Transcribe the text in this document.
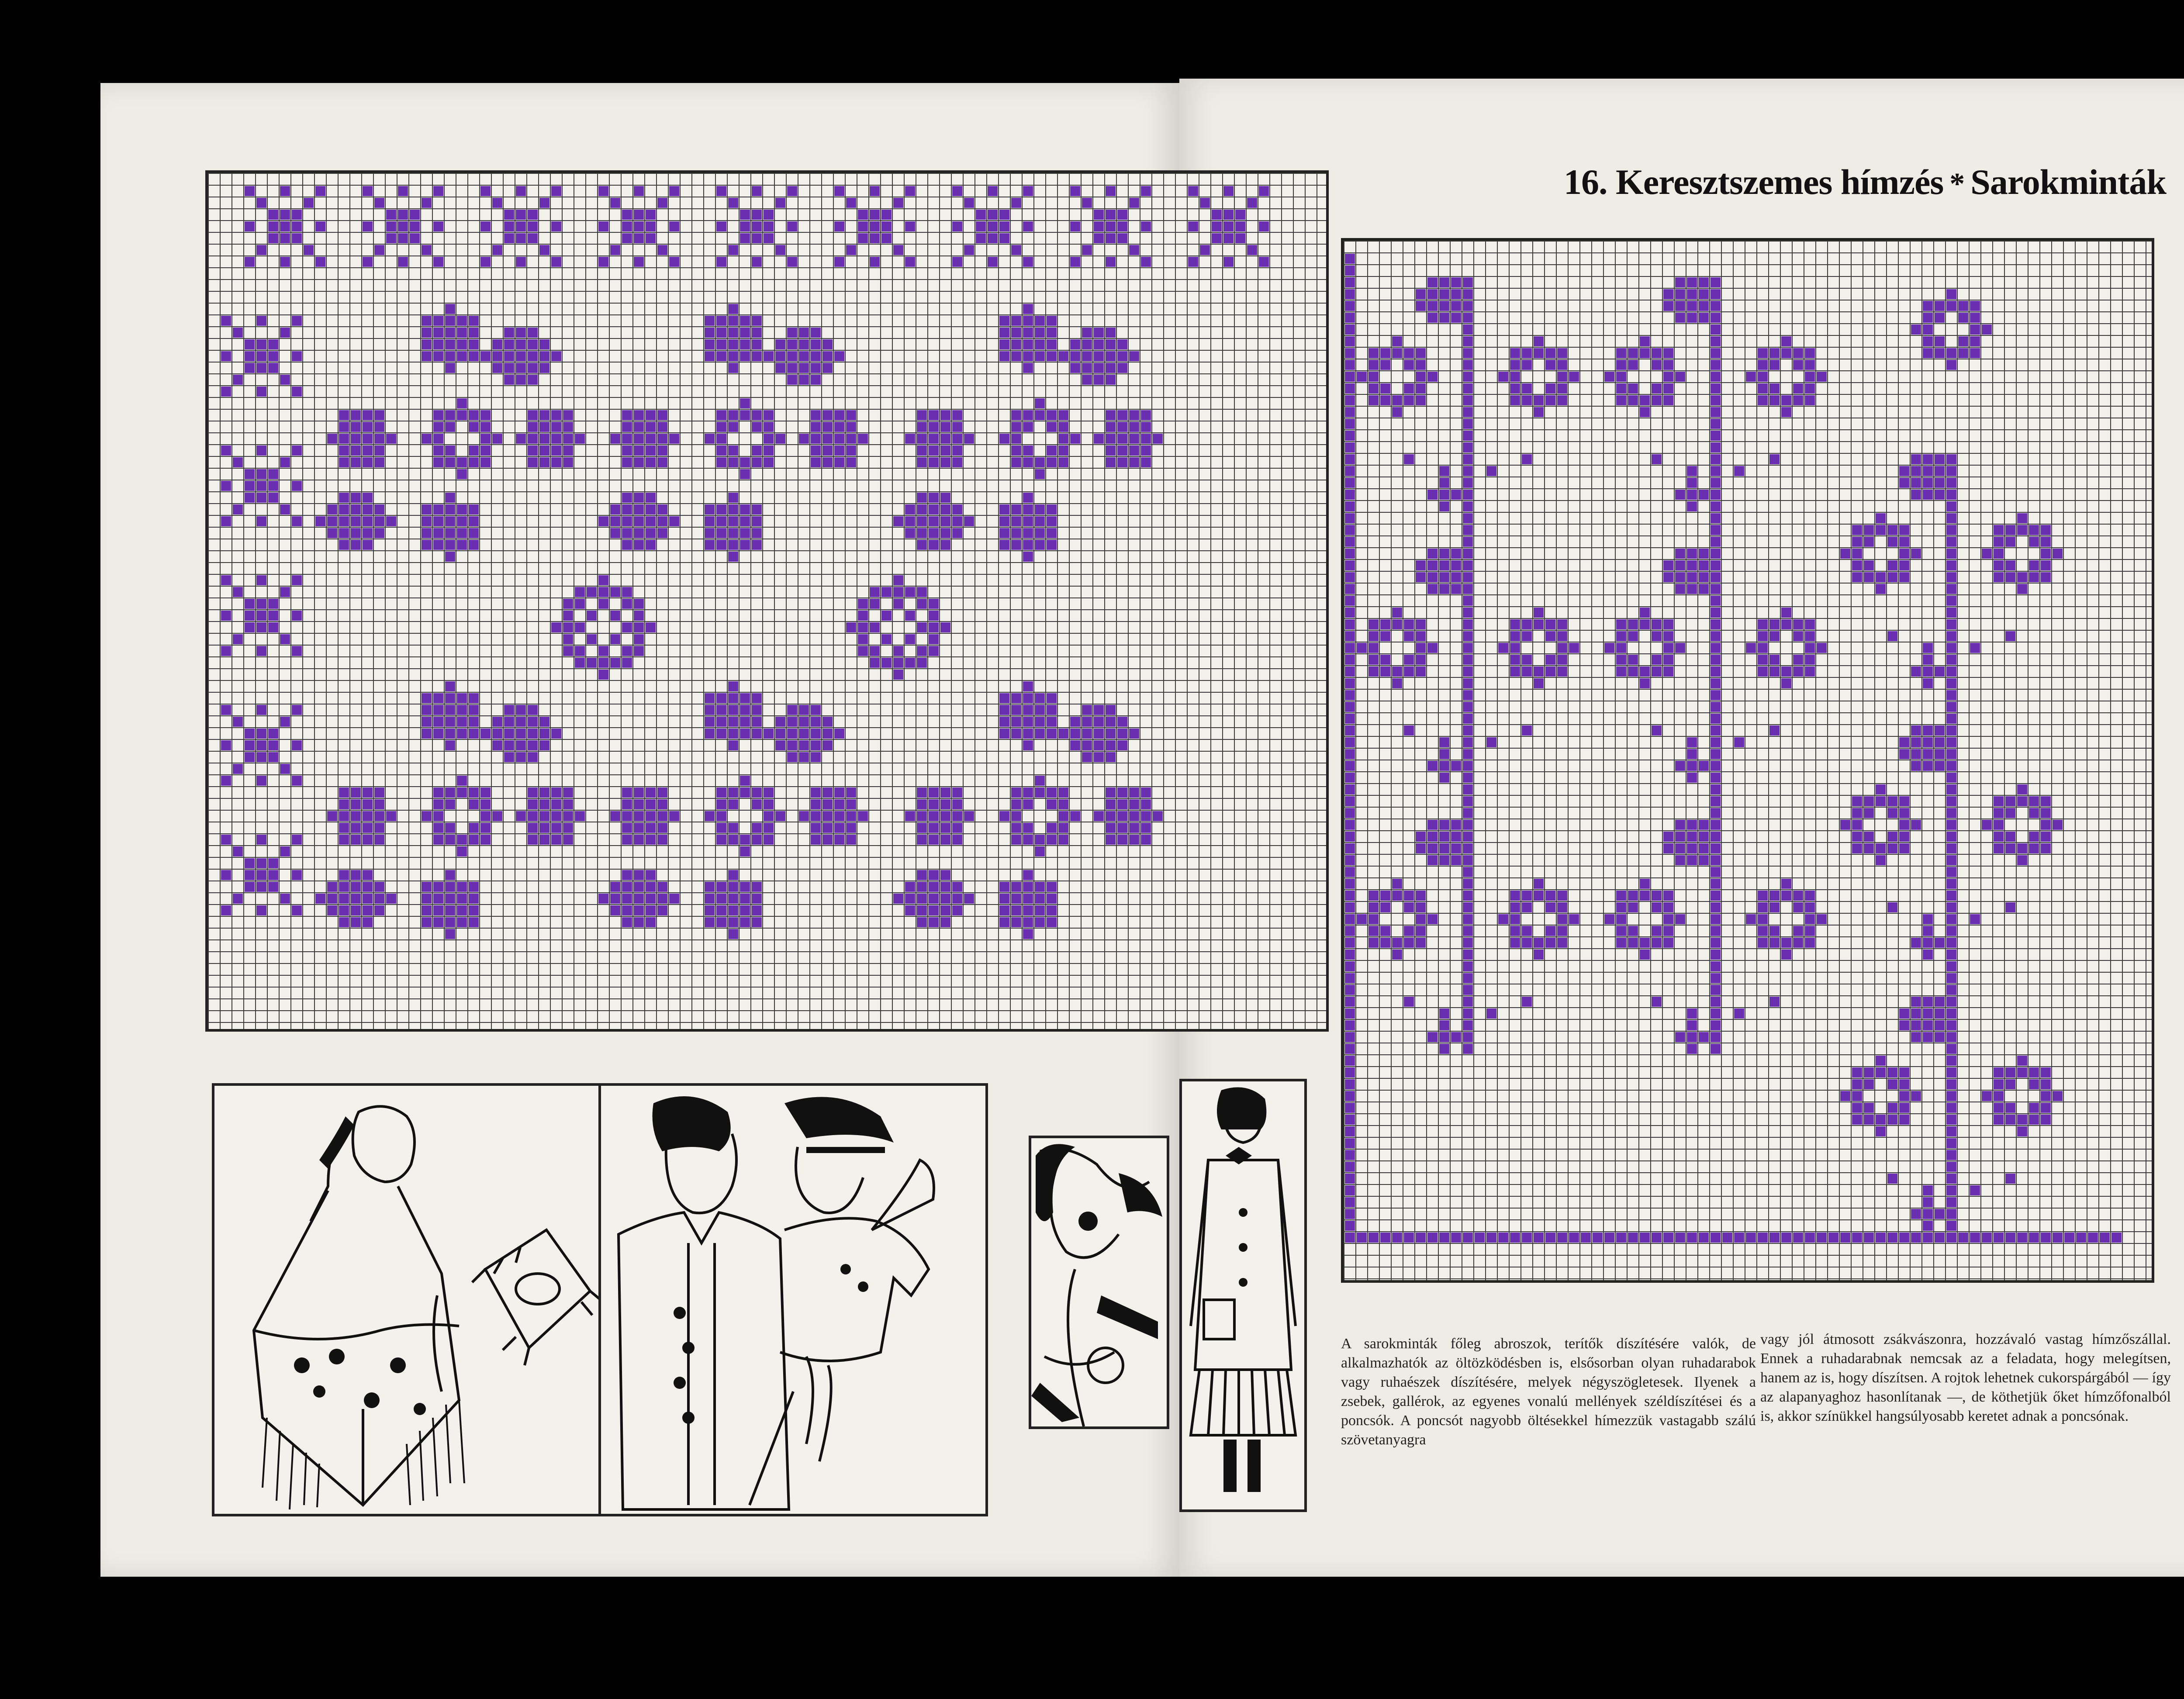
16. Keresztszemes hímzés * Sarokminták
A sarokminták főleg abroszok, terítők díszítésére valók, de alkalmazhatók az öltözködésben is, elsősorban olyan ruhadarabok vagy ruhaészek díszítésére, melyek négyszögletesek. Ilyenek a zsebek, gallérok, az egyenes vonalú mellények széldíszítései és a poncsók. A poncsót nagyobb öltésekkel hímezzük vastagabb szálú szövetanyagra
vagy jól átmosott zsákvászonra, hozzávaló vastag hímzőszállal. Ennek a ruhadarabnak nemcsak az a feladata, hogy melegítsen, hanem az is, hogy díszítsen. A rojtok lehetnek cukorspárgából — így az alapanyaghoz hasonlítanak —, de köthetjük őket hímzőfonalból is, akkor színükkel hangsúlyosabb keretet adnak a poncsónak.
